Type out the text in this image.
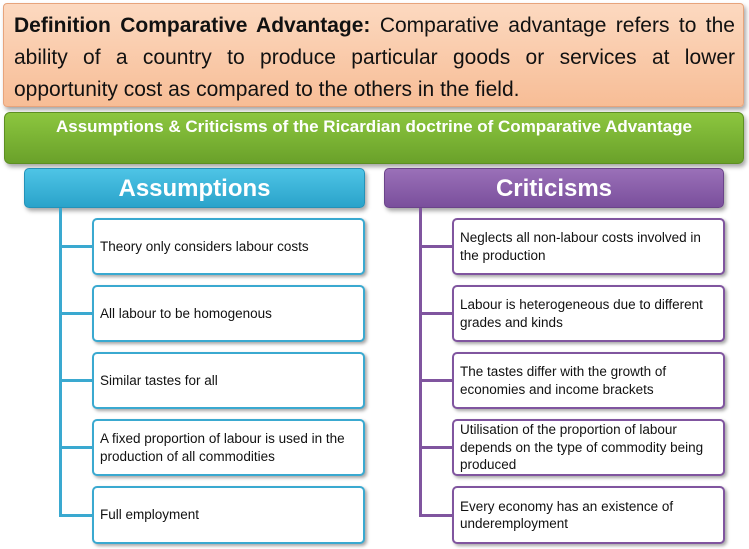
Definition Comparative Advantage: Comparative advantage refers to the ability of a country to produce particular goods or services at lower opportunity cost as compared to the others in the field.
Assumptions & Criticisms of the Ricardian doctrine of Comparative Advantage
Assumptions	Criticisms
Theory only considers labour costs
All labour to be homogenous
Similar tastes for all
A fixed proportion of labour is used in the production of all commodities
Full employment
Neglects all non-labour costs involved in the production
Labour is heterogeneous due to different grades and kinds
The tastes differ with the growth of economies and income brackets
Utilisation of the proportion of labour depends on the type of commodity being produced
Every economy has an existence of underemployment
